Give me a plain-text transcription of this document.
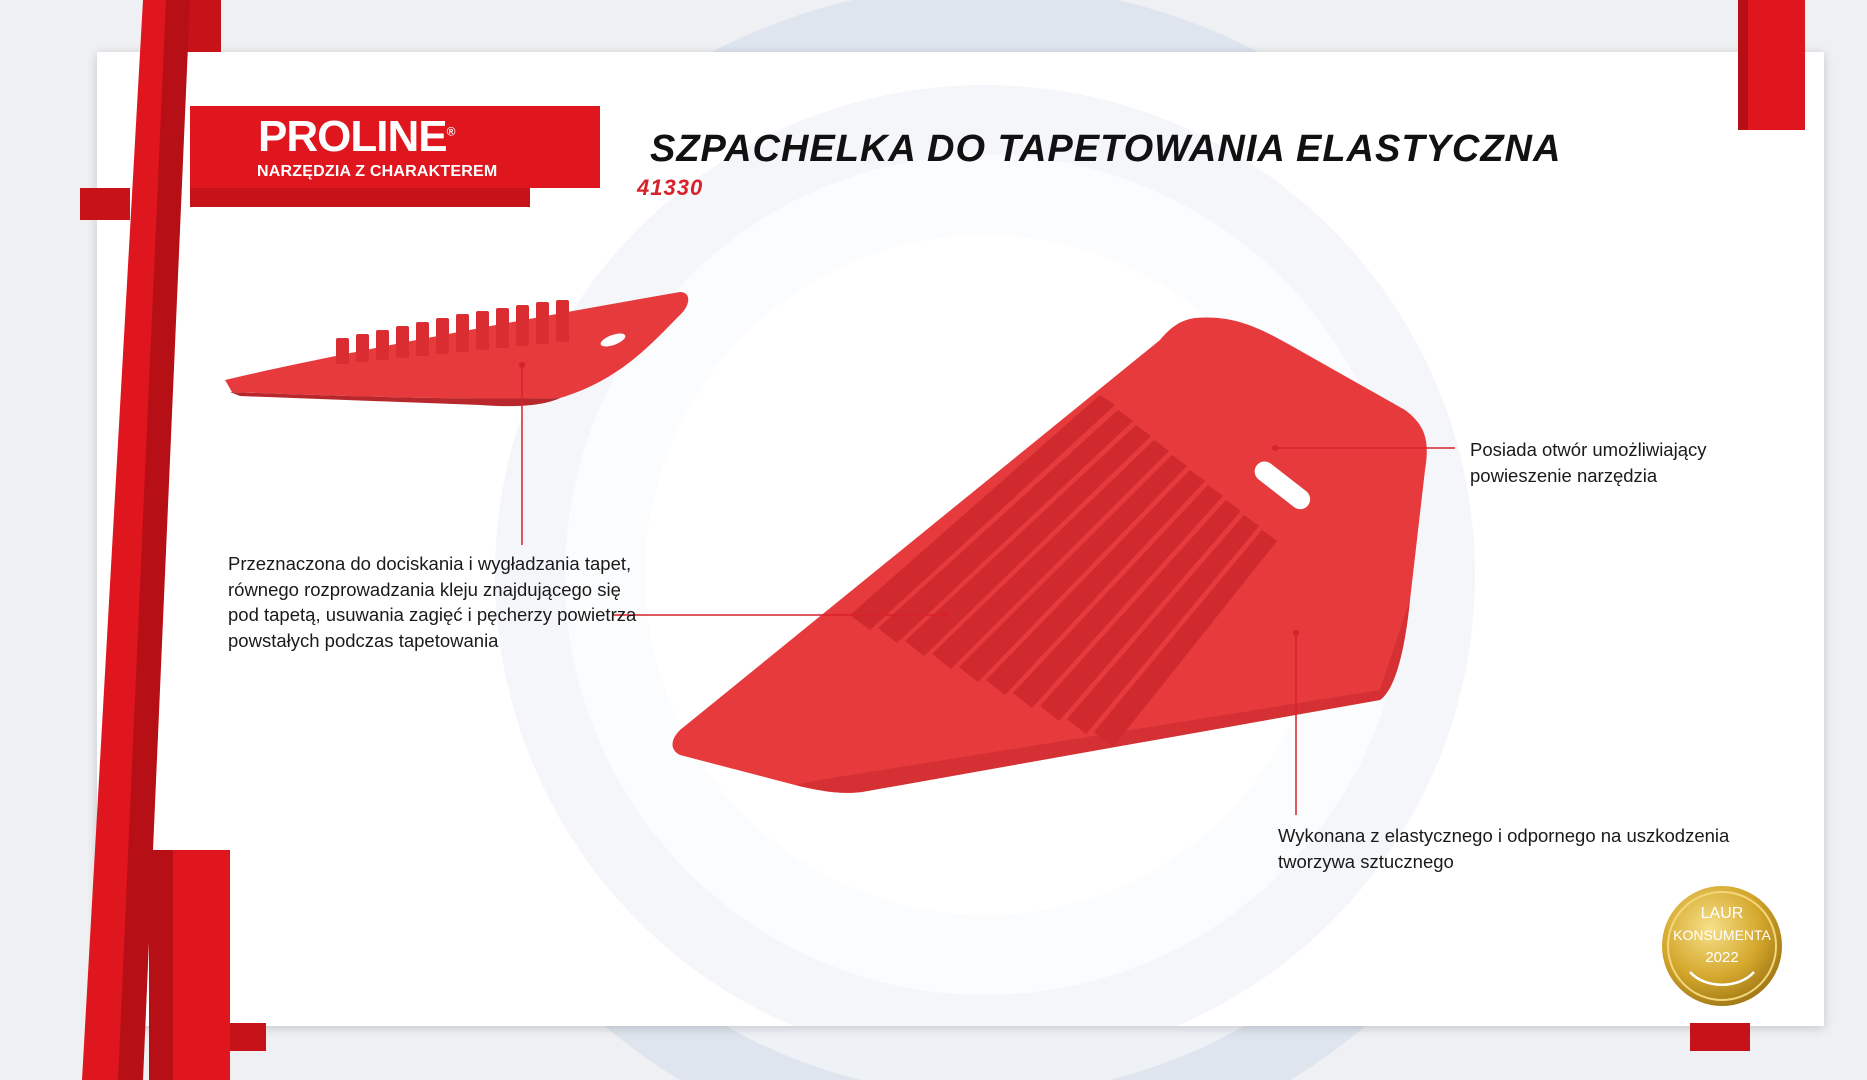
PROLINE®
NARZĘDZIA Z CHARAKTEREM
SZPACHELKA DO TAPETOWANIA ELASTYCZNA
41330
Przeznaczona do dociskania i wygładzania tapet,
równego rozprowadzania kleju znajdującego się
pod tapetą, usuwania zagięć i pęcherzy powietrza
powstałych podczas tapetowania
Posiada otwór umożliwiający
powieszenie narzędzia
Wykonana z elastycznego i odpornego na uszkodzenia
tworzywa sztucznego
LAUR
KONSUMENTA
2022
